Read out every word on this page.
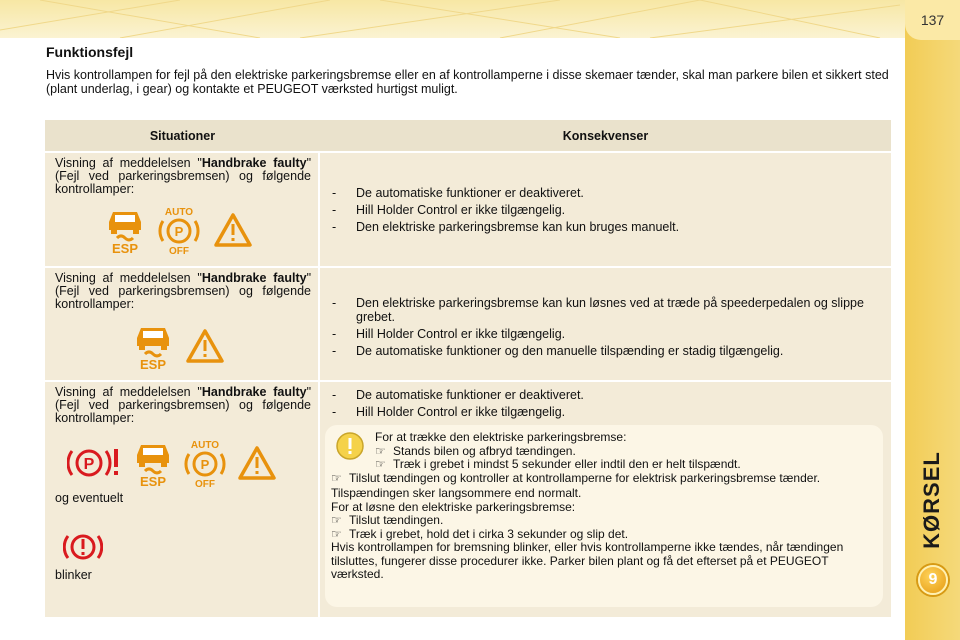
137
KØRSEL
9
Funktionsfejl
Hvis kontrollampen for fejl på den elektriske parkeringsbremse eller en af kontrollamperne i disse skemaer tænder, skal man parkere bilen et sikkert sted (plant underlag, i gear) og kontakte et PEUGEOT værksted hurtigst muligt.
Situationer	Konsekvenser
Visning af meddelelsen "Handbrake faulty" (Fejl ved parkeringsbremsen) og følgende kontrollamper:
ESP
AUTO
P
OFF
- De automatiske funktioner er deaktiveret.
- Hill Holder Control er ikke tilgængelig.
- Den elektriske parkeringsbremse kan kun bruges manuelt.
Visning af meddelelsen "Handbrake faulty" (Fejl ved parkeringsbremsen) og følgende kontrollamper:
ESP
- Den elektriske parkeringsbremse kan kun løsnes ved at træde på speederpedalen og slippe grebet.
- Hill Holder Control er ikke tilgængelig.
- De automatiske funktioner og den manuelle tilspænding er stadig tilgængelig.
Visning af meddelelsen "Handbrake faulty" (Fejl ved parkeringsbremsen) og følgende kontrollamper:
P
ESP
AUTO
P
OFF
og eventuelt
blinker
- De automatiske funktioner er deaktiveret.
- Hill Holder Control er ikke tilgængelig.
For at trække den elektriske parkeringsbremse:
☞ Stands bilen og afbryd tændingen.
☞ Træk i grebet i mindst 5 sekunder eller indtil den er helt tilspændt.
☞ Tilslut tændingen og kontroller at kontrollamperne for elektrisk parkeringsbremse tænder.
Tilspændingen sker langsommere end normalt.
For at løsne den elektriske parkeringsbremse:
☞ Tilslut tændingen.
☞ Træk i grebet, hold det i cirka 3 sekunder og slip det.
Hvis kontrollampen for bremsning blinker, eller hvis kontrollamperne ikke tændes, når tændingen tilsluttes, fungerer disse procedurer ikke. Parker bilen plant og få det efterset på et PEUGEOT værksted.
